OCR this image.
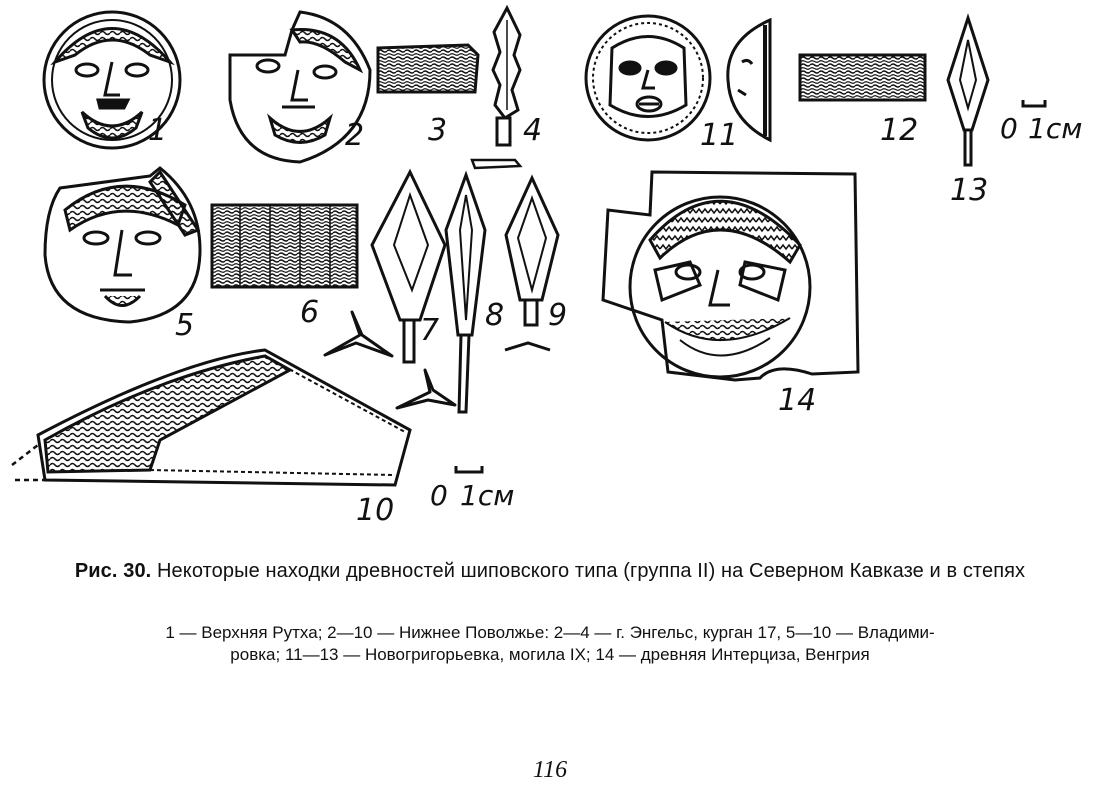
0 1см
0 1см
1	2 3	4
5	6
7 8 9
10
11	12
13
14
Рис. 30. Некоторые находки древностей шиповского типа (группа II) на Северном Кавказе и в степях
1 — Верхняя Рутха; 2—10 — Нижнее Поволжье: 2—4 — г. Энгельс, курган 17, 5—10 — Владими-
ровка; 11—13 — Новогригорьевка, могила IX; 14 — древняя Интерциза, Венгрия
116
